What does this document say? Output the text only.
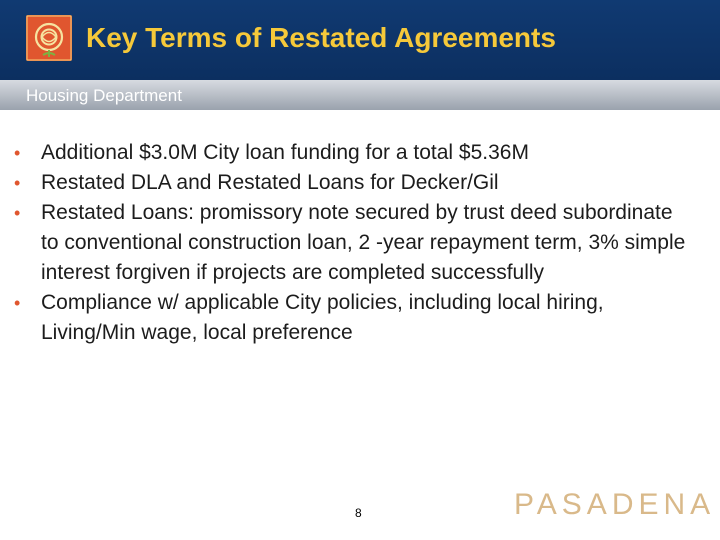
Key Terms of Restated Agreements
Housing Department
• Additional $3.0M City loan funding for a total $5.36M
• Restated DLA and Restated Loans for Decker/Gil
• Restated Loans: promissory note secured by trust deed subordinate to conventional construction loan, 2 -year repayment term, 3% simple interest forgiven if projects are completed successfully
• Compliance w/ applicable City policies, including local hiring, Living/Min wage, local preference
8	PASADENA
